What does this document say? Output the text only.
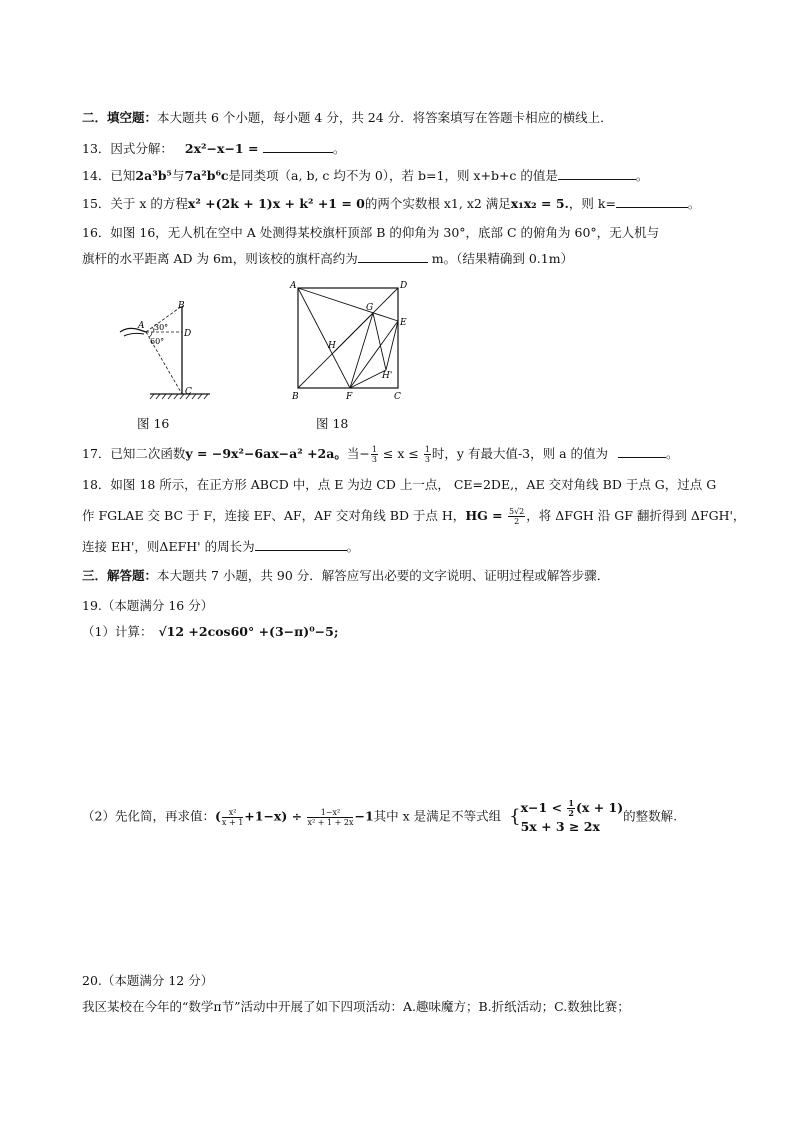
二．填空题：本大题共 6 个小题，每小题 4 分，共 24 分．将答案填写在答题卡相应的横线上．
13．因式分解： 2x²−x−1 =	。
14．已知2a³b⁵与7a²b⁶c是同类项（a, b, c 均不为 0），若 b=1，则 x+b+c 的值是	。
15．关于 x 的方程x² +(2k + 1)x + k² +1 = 0的两个实数根 x1, x2 满足x₁x₂ = 5.，则 k=	。
16．如图 16，无人机在空中 A 处测得某校旗杆顶部 B 的仰角为 30°，底部 C 的俯角为 60°，无人机与
旗杆的水平距离 AD 为 6m，则该校的旗杆高约为	m。（结果精确到 0.1m）
A
B
D
C
30°
60°
图 16
A	D
E
G
H
H'
B	F	C
图 18
17．已知二次函数y = −9x²−6ax−a² +2a。当− $\frac{1}{3} \le x \le \frac{1}{3}$ 时，y 有最大值-3，则 a 的值为	。
18．如图 18 所示，在正方形 ABCD 中，点 E 为边 CD 上一点， CE=2DE,，AE 交对角线 BD 于点 G，过点 G
作 FGLAE 交 BC 于 F，连接 EF、AF，AF 交对角线 BD 于点 H，HG = $\frac{5√2}{2}$ ，将 ΔFGH 沿 GF 翻折得到 ΔFGH'，
连接 EH'，则ΔEFH' 的周长为	。
三．解答题：本大题共 7 小题，共 90 分．解答应写出必要的文字说明、证明过程或解答步骤．
19.（本题满分 16 分）
（1）计算： √12 +2cos60° +(3−π)⁰−5;
（2）先化简，再求值：( $\frac{\text{x²}}{x + 1} +1-x) \div \frac{\text{1−x²}}{\text{x² + 1 + 2x}} -1$其中 x 是满足不等式组 { $x-1 < \frac{1}{2} (x + 1)$
5x + 3 ≥ 2x
的整数解.
20.（本题满分 12 分）
我区某校在今年的“数学π节”活动中开展了如下四项活动：A.趣味魔方；B.折纸活动；C.数独比赛；
